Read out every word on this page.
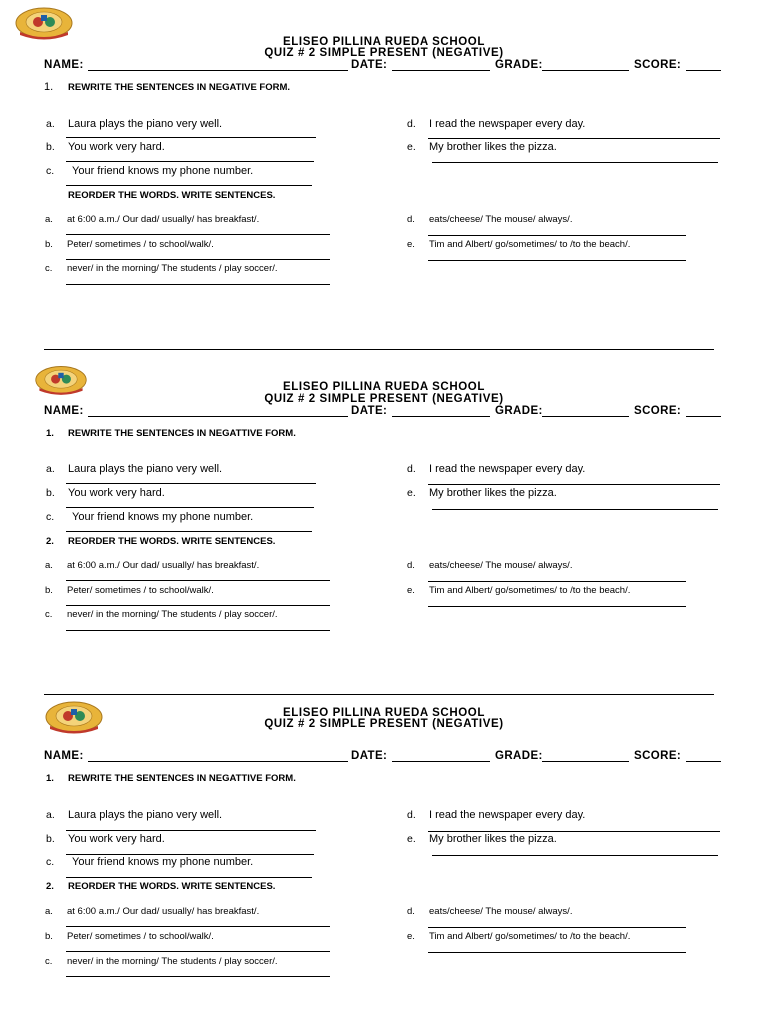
ELISEO PILLINA RUEDA SCHOOL
QUIZ # 2 SIMPLE PRESENT (NEGATIVE)
NAME:	DATE:	GRADE:	SCORE:
1. REWRITE THE SENTENCES IN NEGATIVE FORM.
a. Laura plays the piano very well.
b. You work very hard.
c. Your friend knows my phone number.
d. I read the newspaper every day.
e. My brother likes the pizza.
REORDER THE WORDS. WRITE SENTENCES.
a. at 6:00 a.m./ Our dad/ usually/ has breakfast/.
b. Peter/ sometimes / to school/walk/.
c. never/ in the morning/ The students / play soccer/.
d. eats/cheese/ The mouse/ always/.
e. Tim and Albert/ go/sometimes/ to /to the beach/.
ELISEO PILLINA RUEDA SCHOOL
QUIZ # 2 SIMPLE PRESENT (NEGATIVE)
NAME:	DATE:	GRADE:	SCORE:
1. REWRITE THE SENTENCES IN NEGATTIVE FORM.
a. Laura plays the piano very well.
b. You work very hard.
c. Your friend knows my phone number.
d. I read the newspaper every day.
e. My brother likes the pizza.
2. REORDER THE WORDS. WRITE SENTENCES.
a. at 6:00 a.m./ Our dad/ usually/ has breakfast/.
b. Peter/ sometimes / to school/walk/.
c. never/ in the morning/ The students / play soccer/.
d. eats/cheese/ The mouse/ always/.
e. Tim and Albert/ go/sometimes/ to /to the beach/.
ELISEO PILLINA RUEDA SCHOOL
QUIZ # 2 SIMPLE PRESENT (NEGATIVE)
NAME:	DATE:	GRADE:	SCORE:
1. REWRITE THE SENTENCES IN NEGATTIVE FORM.
a. Laura plays the piano very well.
b. You work very hard.
c. Your friend knows my phone number.
d. I read the newspaper every day.
e. My brother likes the pizza.
2. REORDER THE WORDS. WRITE SENTENCES.
a. at 6:00 a.m./ Our dad/ usually/ has breakfast/.
b. Peter/ sometimes / to school/walk/.
c. never/ in the morning/ The students / play soccer/.
d. eats/cheese/ The mouse/ always/.
e. Tim and Albert/ go/sometimes/ to /to the beach/.
